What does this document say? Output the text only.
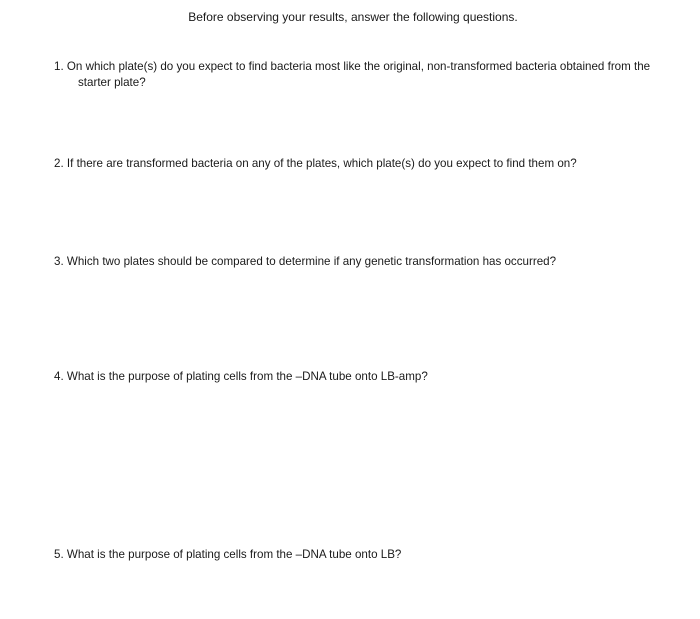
Before observing your results, answer the following questions.
1. On which plate(s) do you expect to find bacteria most like the original, non-transformed bacteria obtained from the starter plate?
2. If there are transformed bacteria on any of the plates, which plate(s) do you expect to find them on?
3. Which two plates should be compared to determine if any genetic transformation has occurred?
4. What is the purpose of plating cells from the –DNA tube onto LB-amp?
5. What is the purpose of plating cells from the –DNA tube onto LB?
